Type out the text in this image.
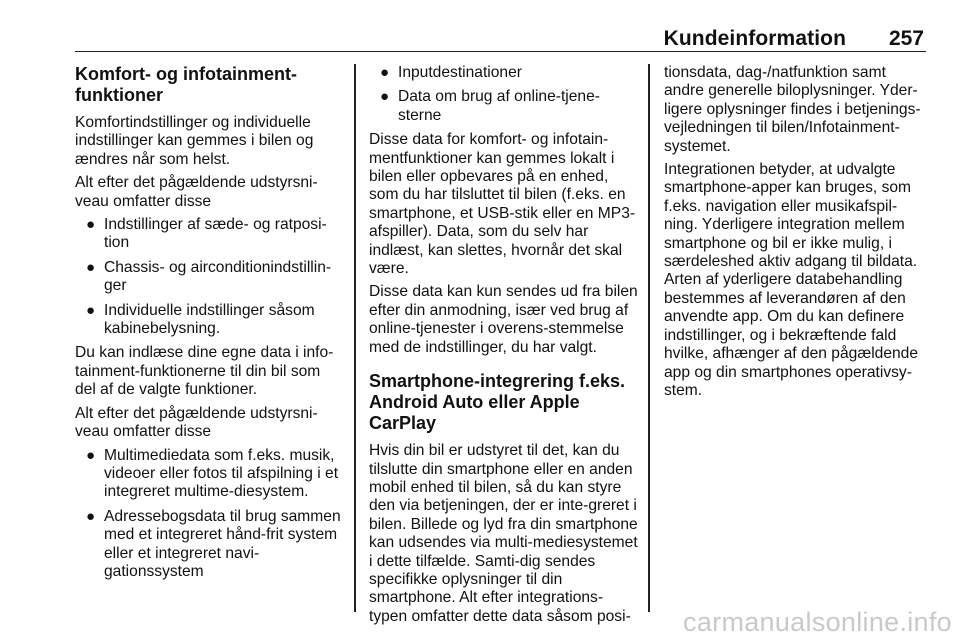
Kundeinformation 257
Komfort- og infotainment-funktioner

Komfortindstillinger og individuelle indstillinger kan gemmes i bilen og ændres når som helst.

Alt efter det pågældende udstyrsni-veau omfatter disse

● Indstillinger af sæde- og ratposi-tion
● Chassis- og airconditionindstillin-ger
● Individuelle indstillinger såsom kabinebelysning.

Du kan indlæse dine egne data i info-tainment-funktionerne til din bil som del af de valgte funktioner.

Alt efter det pågældende udstyrsni-veau omfatter disse

● Multimediedata som f.eks. musik, videoer eller fotos til afspilning i et integreret multime-diesystem.
● Adressebogsdata til brug sammen med et integreret hånd-frit system eller et integreret navi-gationssystem
● Inputdestinationer
● Data om brug af online-tjene-sterne

Disse data for komfort- og infotain-mentfunktioner kan gemmes lokalt i bilen eller opbevares på en enhed, som du har tilsluttet til bilen (f.eks. en smartphone, et USB-stik eller en MP3-afspiller). Data, som du selv har indlæst, kan slettes, hvornår det skal være.

Disse data kan kun sendes ud fra bilen efter din anmodning, især ved brug af online-tjenester i overens-stemmelse med de indstillinger, du har valgt.

Smartphone-integrering f.eks. Android Auto eller Apple CarPlay

Hvis din bil er udstyret til det, kan du tilslutte din smartphone eller en anden mobil enhed til bilen, så du kan styre den via betjeningen, der er inte-greret i bilen. Billede og lyd fra din smartphone kan udsendes via multi-mediesystemet i dette tilfælde. Samti-dig sendes specifikke oplysninger til din smartphone. Alt efter integrations-typen omfatter dette data såsom posi-

tionsdata, dag-/natfunktion samt andre generelle biloplysninger. Yder-ligere oplysninger findes i betjenings-vejledningen til bilen/Infotainment-systemet.

Integrationen betyder, at udvalgte smartphone-apper kan bruges, som f.eks. navigation eller musikafspil-ning. Yderligere integration mellem smartphone og bil er ikke mulig, i særdeleshed aktiv adgang til bildata. Arten af yderligere databehandling bestemmes af leverandøren af den anvendte app. Om du kan definere indstillinger, og i bekræftende fald hvilke, afhænger af den pågældende app og din smartphones operativsy-stem.

carmanualsonline.info
